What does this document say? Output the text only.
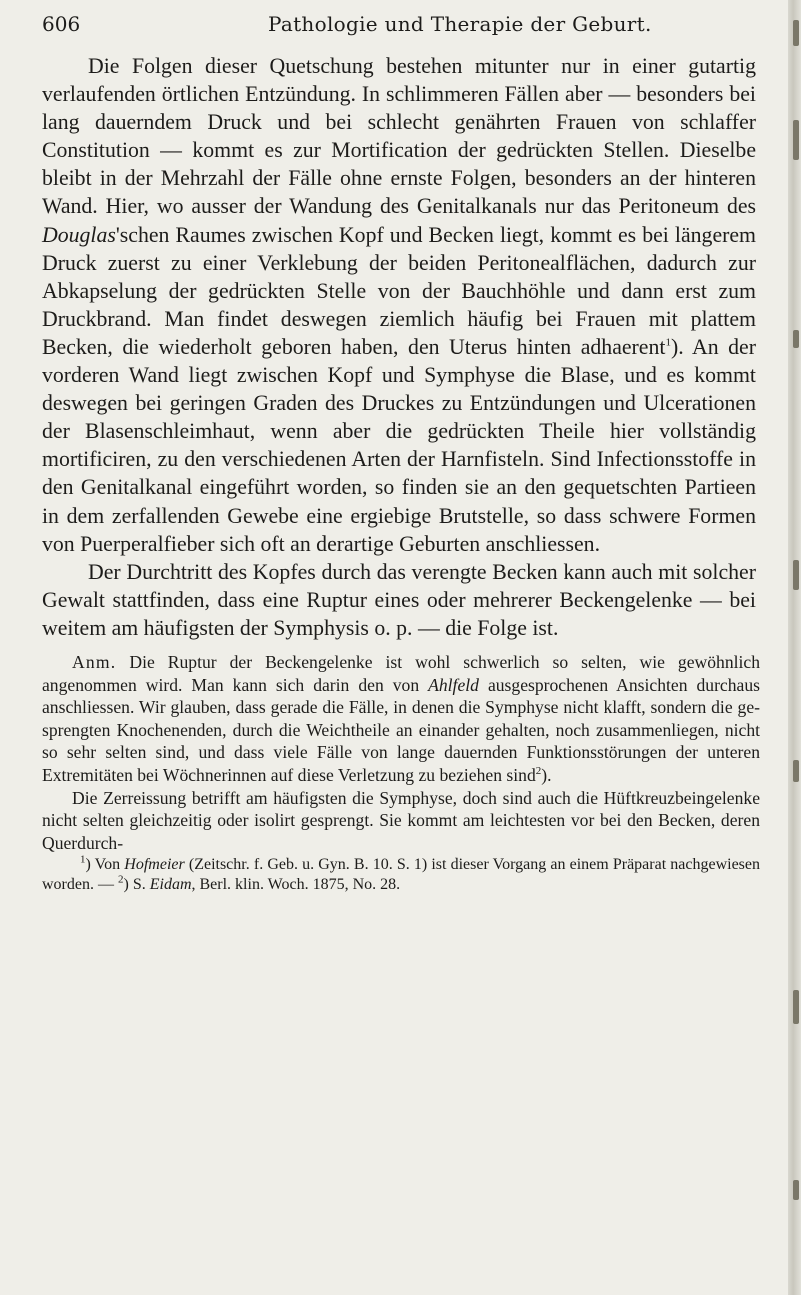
606	Pathologie und Therapie der Geburt.

Die Folgen dieser Quetschung bestehen mitunter nur in einer gutartig verlaufenden örtlichen Entzündung. In schlimmeren Fällen aber — besonders bei lang dauerndem Druck und bei schlecht genährten Frauen von schlaffer Constitution — kommt es zur Mortification der gedrückten Stellen. Dieselbe bleibt in der Mehrzahl der Fälle ohne ernste Folgen, besonders an der hinteren Wand. Hier, wo ausser der Wandung des Genitalkanals nur das Peritoneum des Douglas'schen Raumes zwischen Kopf und Becken liegt, kommt es bei längerem Druck zuerst zu einer Verklebung der beiden Peritonealflächen, dadurch zur Abkapselung der gedrückten Stelle von der Bauchhöhle und dann erst zum Druckbrand. Man findet deswegen ziemlich häufig bei Frauen mit plattem Becken, die wiederholt geboren haben, den Uterus hinten adhaerent$^1$). An der vorderen Wand liegt zwischen Kopf und Symphyse die Blase, und es kommt deswegen bei geringen Graden des Druckes zu Entzündungen und Ulcerationen der Blasenschleimhaut, wenn aber die gedrückten Theile hier vollständig mortificiren, zu den verschiedenen Arten der Harnfisteln. Sind Infectionsstoffe in den Genitalkanal eingeführt worden, so finden sie an den gequetschten Partieen in dem zerfallenden Gewebe eine ergiebige Brutstelle, so dass schwere Formen von Puerperalfieber sich oft an derartige Geburten anschliessen.

Der Durchtritt des Kopfes durch das verengte Becken kann auch mit solcher Gewalt stattfinden, dass eine Ruptur eines oder mehrerer Beckengelenke — bei weitem am häufigsten der Symphysis o. p. — die Folge ist.

Anm. Die Ruptur der Beckengelenke ist wohl schwerlich so selten, wie gewöhnlich angenommen wird. Man kann sich darin den von Ahlfeld ausgesprochenen Ansichten durchaus anschliessen. Wir glauben, dass gerade die Fälle, in denen die Symphyse nicht klafft, sondern die gesprengten Knochenenden, durch die Weichtheile an einander gehalten, noch zusammenliegen, nicht so sehr selten sind, und dass viele Fälle von lange dauernden Funktionsstörungen der unteren Extremitäten bei Wöchnerinnen auf diese Verletzung zu beziehen sind$^2$).

Die Zerreissung betrifft am häufigsten die Symphyse, doch sind auch die Hüftkreuzbeingelenke nicht selten gleichzeitig oder isolirt gesprengt. Sie kommt am leichtesten vor bei den Becken, deren Querdurch-

$^1$) Von Hofmeier (Zeitschr. f. Geb. u. Gyn. B. 10. S. 1) ist dieser Vorgang an einem Präparat nachgewiesen worden. — $^2$) S. Eidam, Berl. klin. Woch. 1875, No. 28.
